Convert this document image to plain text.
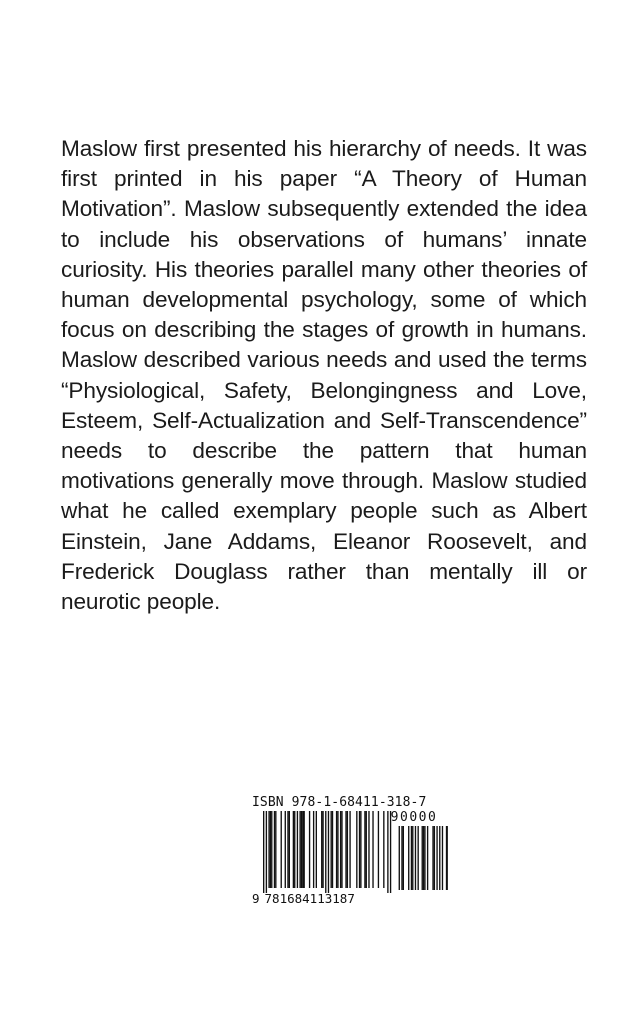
Maslow first presented his hierarchy of needs. It was first printed in his paper “A Theory of Human Motivation”. Maslow subsequently extended the idea to include his observations of humans’ innate curiosity. His theories parallel many other theories of human developmental psychology, some of which focus on describing the stages of growth in humans. Maslow described various needs and used the terms “Physiological, Safety, Belongingness and Love, Esteem, Self-Actualization and Self-Transcendence” needs to describe the pattern that human motivations generally move through. Maslow studied what he called exemplary people such as Albert Einstein, Jane Addams, Eleanor Roosevelt, and Frederick Douglass rather than mentally ill or neurotic people.

ISBN 978-1-68411-318-7
90000
9 781684113187
